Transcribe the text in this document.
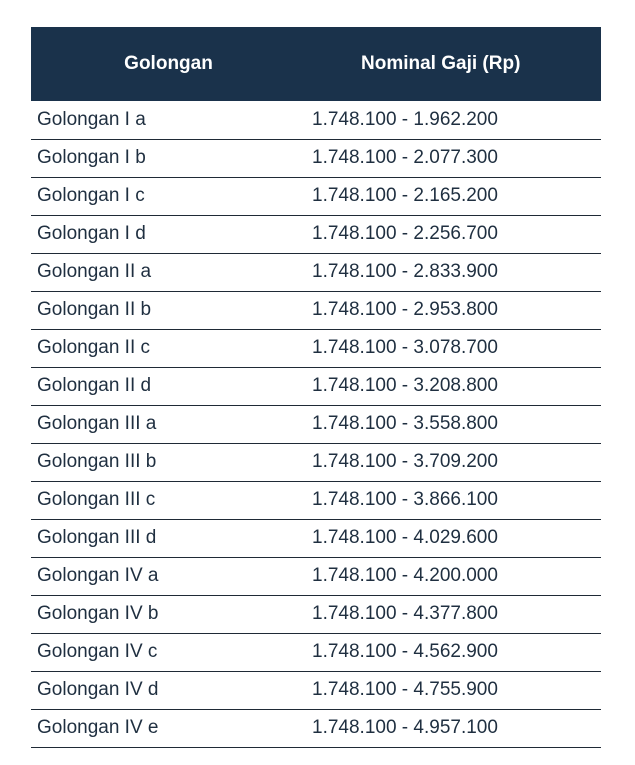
Golongan	Nominal Gaji (Rp)
Golongan I a	1.748.100 - 1.962.200
Golongan I b	1.748.100 - 2.077.300
Golongan I c	1.748.100 - 2.165.200
Golongan I d	1.748.100 - 2.256.700
Golongan II a	1.748.100 - 2.833.900
Golongan II b	1.748.100 - 2.953.800
Golongan II c	1.748.100 - 3.078.700
Golongan II d	1.748.100 - 3.208.800
Golongan III a	1.748.100 - 3.558.800
Golongan III b	1.748.100 - 3.709.200
Golongan III c	1.748.100 - 3.866.100
Golongan III d	1.748.100 - 4.029.600
Golongan IV a	1.748.100 - 4.200.000
Golongan IV b	1.748.100 - 4.377.800
Golongan IV c	1.748.100 - 4.562.900
Golongan IV d	1.748.100 - 4.755.900
Golongan IV e	1.748.100 - 4.957.100
